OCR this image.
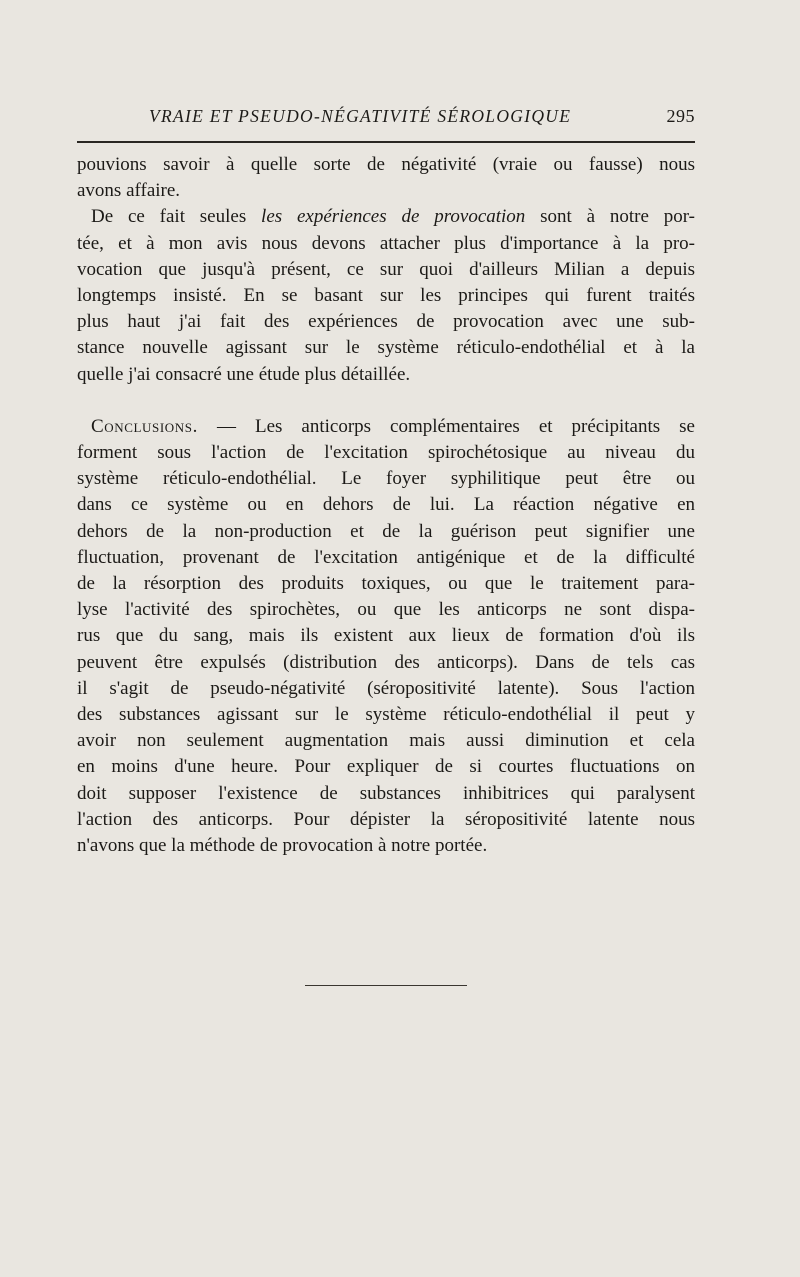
VRAIE ET PSEUDO-NÉGATIVITÉ SÉROLOGIQUE	295
pouvions savoir à quelle sorte de négativité (vraie ou fausse) nous
avons affaire.
De ce fait seules les expériences de provocation sont à notre por-
tée, et à mon avis nous devons attacher plus d'importance à la pro-
vocation que jusqu'à présent, ce sur quoi d'ailleurs Milian a depuis
longtemps insisté. En se basant sur les principes qui furent traités
plus haut j'ai fait des expériences de provocation avec une sub-
stance nouvelle agissant sur le système réticulo-endothélial et à la
quelle j'ai consacré une étude plus détaillée.
Conclusions. — Les anticorps complémentaires et précipitants se
forment sous l'action de l'excitation spirochétosique au niveau du
système réticulo-endothélial. Le foyer syphilitique peut être ou
dans ce système ou en dehors de lui. La réaction négative en
dehors de la non-production et de la guérison peut signifier une
fluctuation, provenant de l'excitation antigénique et de la difficulté
de la résorption des produits toxiques, ou que le traitement para-
lyse l'activité des spirochètes, ou que les anticorps ne sont dispa-
rus que du sang, mais ils existent aux lieux de formation d'où ils
peuvent être expulsés (distribution des anticorps). Dans de tels cas
il s'agit de pseudo-négativité (séropositivité latente). Sous l'action
des substances agissant sur le système réticulo-endothélial il peut y
avoir non seulement augmentation mais aussi diminution et cela
en moins d'une heure. Pour expliquer de si courtes fluctuations on
doit supposer l'existence de substances inhibitrices qui paralysent
l'action des anticorps. Pour dépister la séropositivité latente nous
n'avons que la méthode de provocation à notre portée.
